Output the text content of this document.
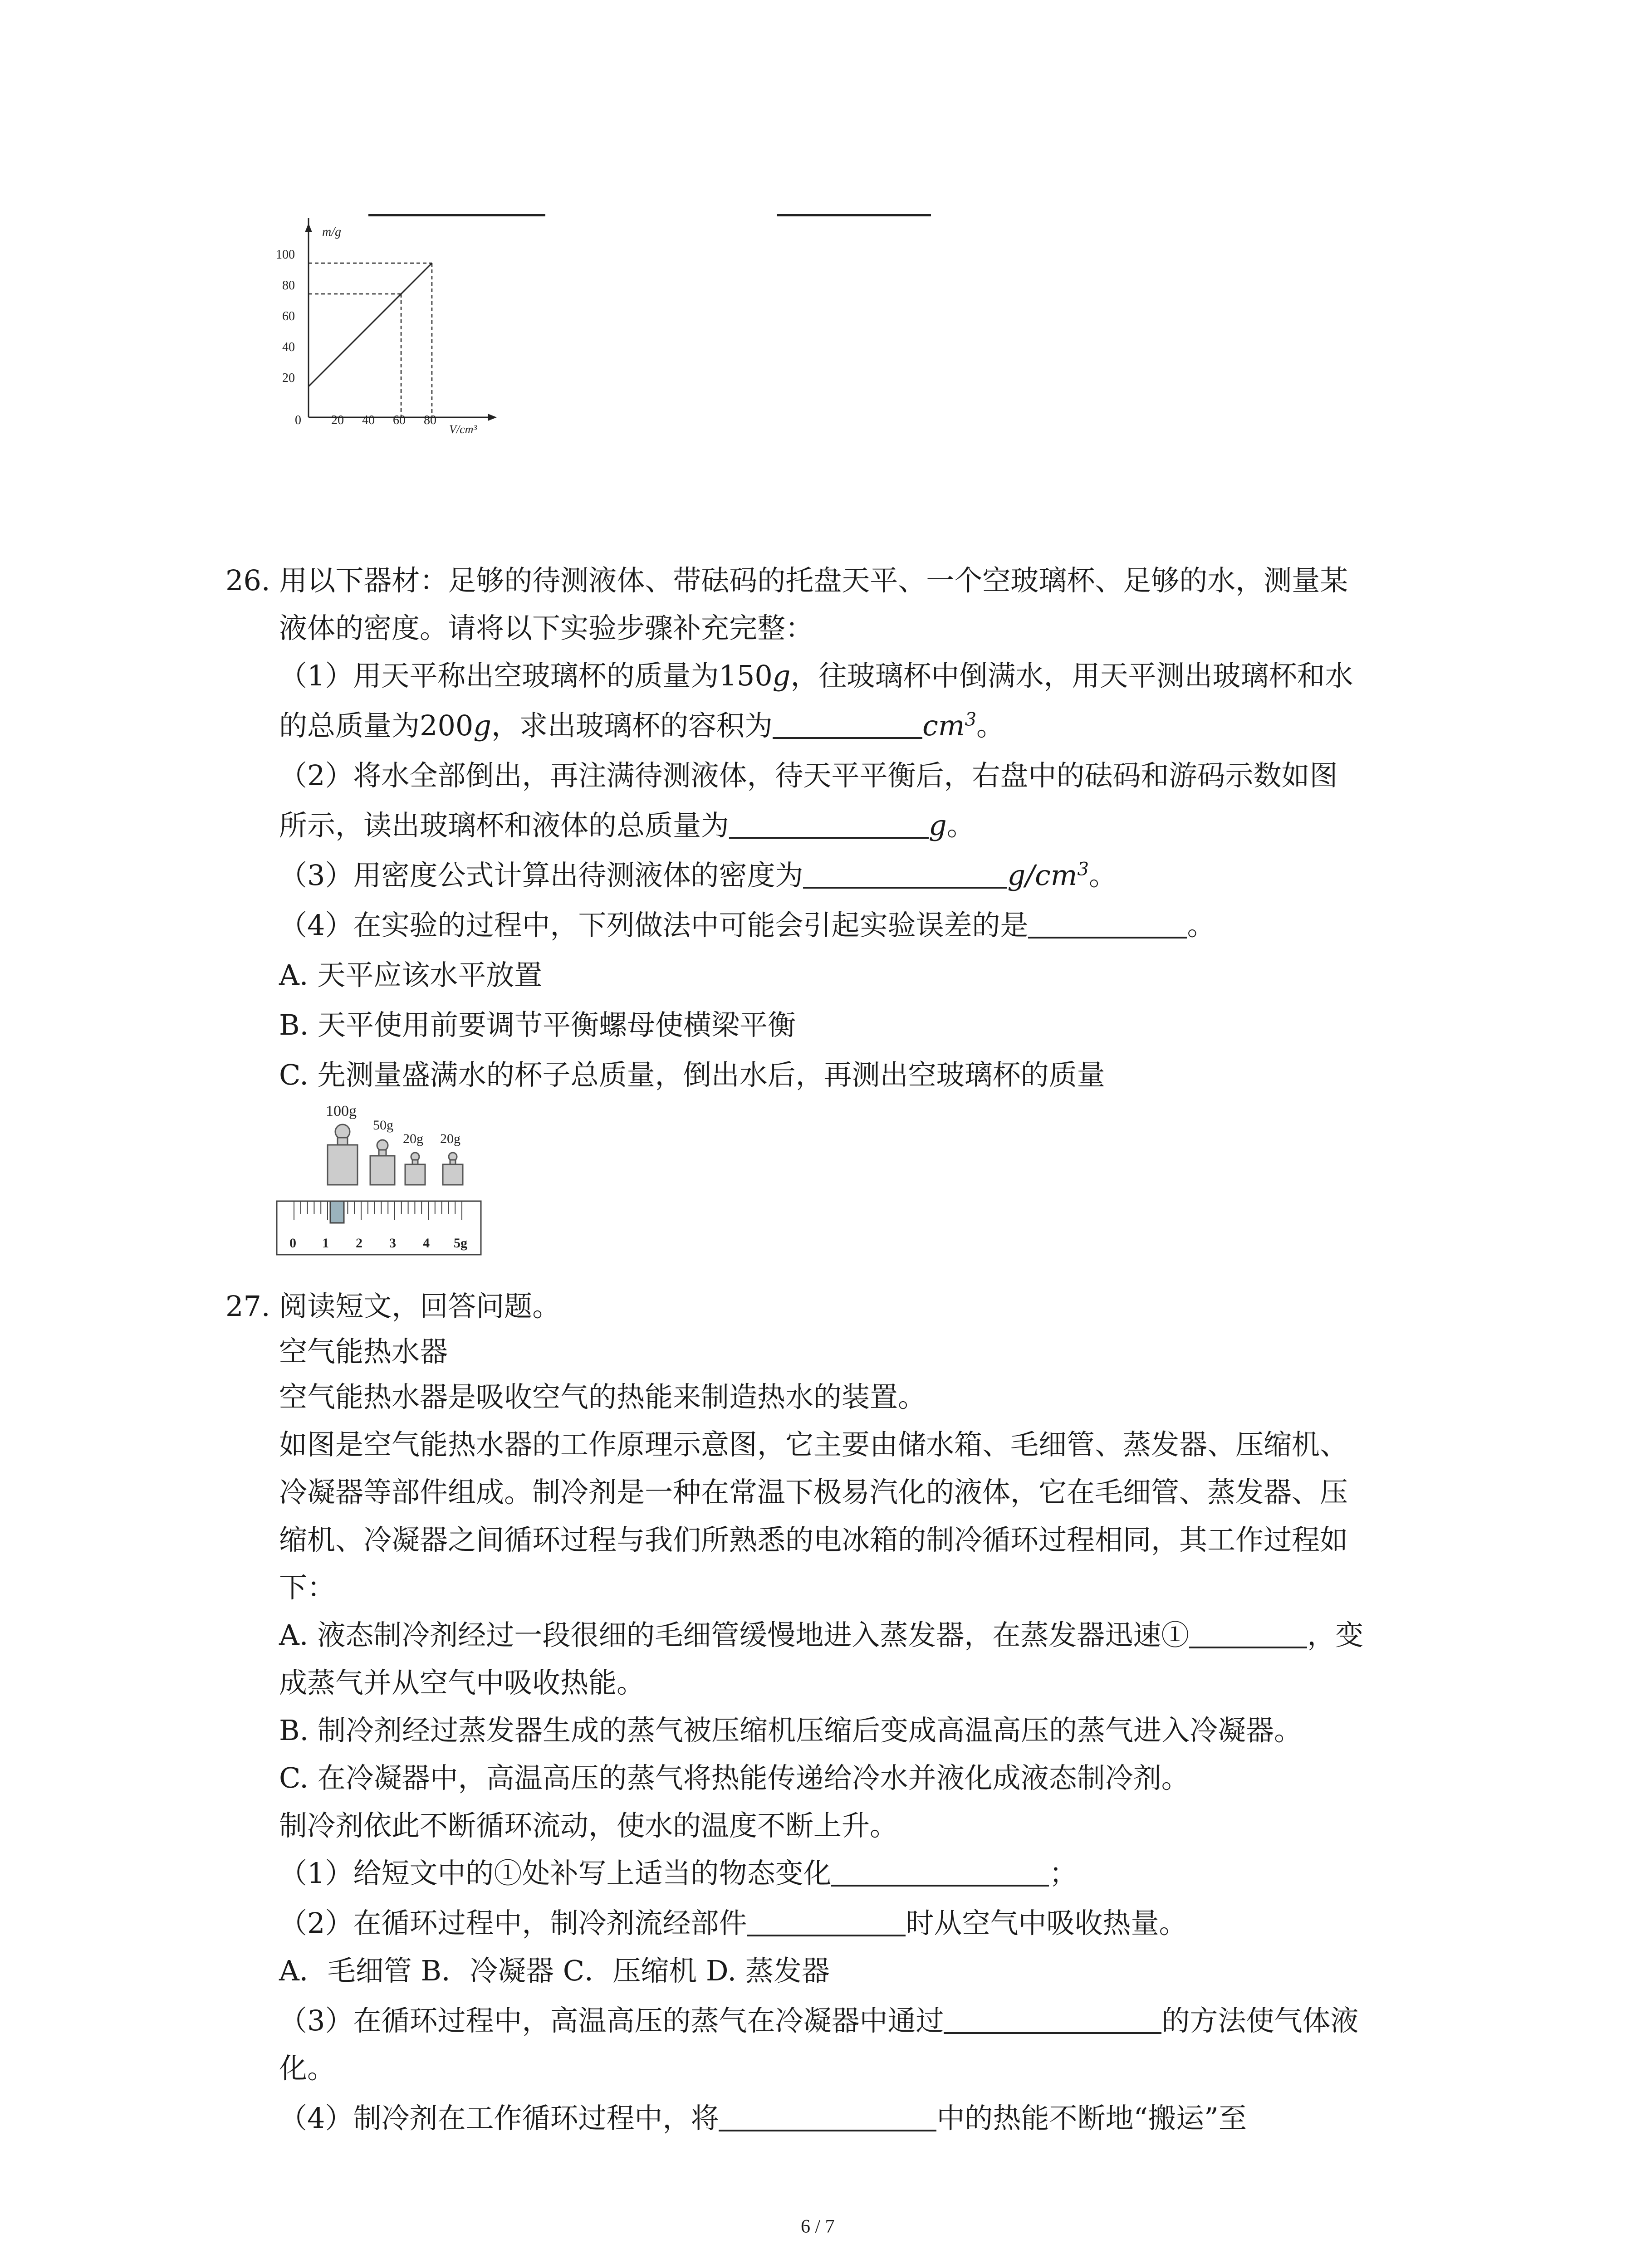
m/g
V/cm³
100
80
60
40
20
0 20 40 60 80
26. 用以下器材：足够的待测液体、带砝码的托盘天平、一个空玻璃杯、足够的水，测量某
液体的密度。请将以下实验步骤补充完整：
（1）用天平称出空玻璃杯的质量为150g，往玻璃杯中倒满水，用天平测出玻璃杯和水
的总质量为200g，求出玻璃杯的容积为	$cm^3$。
（2）将水全部倒出，再注满待测液体，待天平平衡后，右盘中的砝码和游码示数如图
所示，读出玻璃杯和液体的总质量为	g。
（3）用密度公式计算出待测液体的密度为	$g/cm^3$。
（4）在实验的过程中，下列做法中可能会引起实验误差的是	。
A. 天平应该水平放置
B. 天平使用前要调节平衡螺母使横梁平衡
C. 先测量盛满水的杯子总质量，倒出水后，再测出空玻璃杯的质量
100g
50g
20g 20g
0 1 2 3 4 5g
27. 阅读短文，回答问题。
空气能热水器
空气能热水器是吸收空气的热能来制造热水的装置。
如图是空气能热水器的工作原理示意图，它主要由储水箱、毛细管、蒸发器、压缩机、
冷凝器等部件组成。制冷剂是一种在常温下极易汽化的液体，它在毛细管、蒸发器、压
缩机、冷凝器之间循环过程与我们所熟悉的电冰箱的制冷循环过程相同，其工作过程如
下：
A. 液态制冷剂经过一段很细的毛细管缓慢地进入蒸发器，在蒸发器迅速①	，变
成蒸气并从空气中吸收热能。
B. 制冷剂经过蒸发器生成的蒸气被压缩机压缩后变成高温高压的蒸气进入冷凝器。
C. 在冷凝器中，高温高压的蒸气将热能传递给冷水并液化成液态制冷剂。
制冷剂依此不断循环流动，使水的温度不断上升。
（1）给短文中的①处补写上适当的物态变化	；
（2）在循环过程中，制冷剂流经部件	时从空气中吸收热量。
A．毛细管 B．冷凝器 C．压缩机 D. 蒸发器
（3）在循环过程中，高温高压的蒸气在冷凝器中通过	的方法使气体液
化。
（4）制冷剂在工作循环过程中，将	中的热能不断地“搬运”至
6 / 7
